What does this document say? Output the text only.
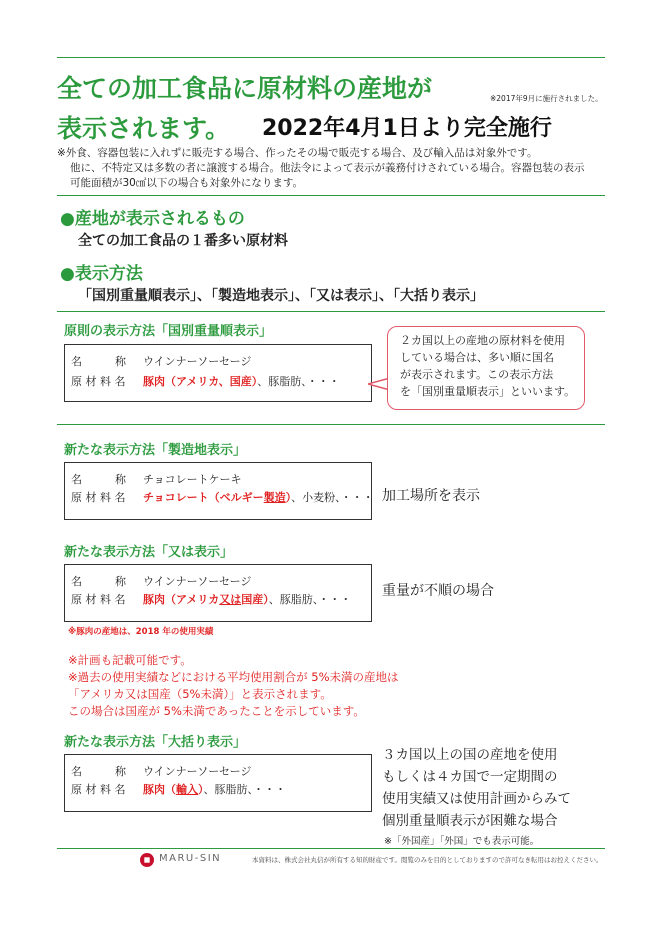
全ての加工食品に原材料の産地が	※2017年9月に施行されました。
表示されます。 2022年4月1日より完全施行
※外食、容器包装に入れずに販売する場合、作ったその場で販売する場合、及び輸入品は対象外です。
他に、不特定又は多数の者に譲渡する場合。他法令によって表示が義務付けされている場合。容器包装の表示
可能面積が30㎠以下の場合も対象外になります。
●産地が表示されるもの
全ての加工食品の１番多い原材料
●表示方法
「国別重量順表示」、「製造地表示」、「又は表示」、「大括り表示」
原則の表示方法「国別重量順表示」
名　　　称 ウインナーソーセージ
原 材 料 名 豚肉（アメリカ、国産）、豚脂肪、・・・
２カ国以上の産地の原材料を使用
している場合は、多い順に国名
が表示されます。この表示方法
を「国別重量順表示」といいます。
新たな表示方法「製造地表示」
名　　　称 チョコレートケーキ
原 材 料 名 チョコレート（ベルギー製造）、小麦粉、・・・ 加工場所を表示
新たな表示方法「又は表示」
名　　　称 ウインナーソーセージ
原 材 料 名 豚肉（アメリカ又は国産）、豚脂肪、・・・
重量が不順の場合
※豚肉の産地は、2018 年の使用実績
※計画も記載可能です。
※過去の使用実績などにおける平均使用割合が 5%未満の産地は
「アメリカ又は国産（5%未満）」と表示されます。
この場合は国産が 5%未満であったことを示しています。
新たな表示方法「大括り表示」
名　　　称 ウインナーソーセージ
原 材 料 名 豚肉（輸入）、豚脂肪、・・・
３カ国以上の国の産地を使用
もしくは４カ国で一定期間の
使用実績又は使用計画からみて
個別重量順表示が困難な場合
※「外国産」「外国」でも表示可能。
MARU-SIN	本資料は、株式会社丸信が所有する知的財産です。閲覧のみを目的としておりますので許可なき転用はお控えください。
